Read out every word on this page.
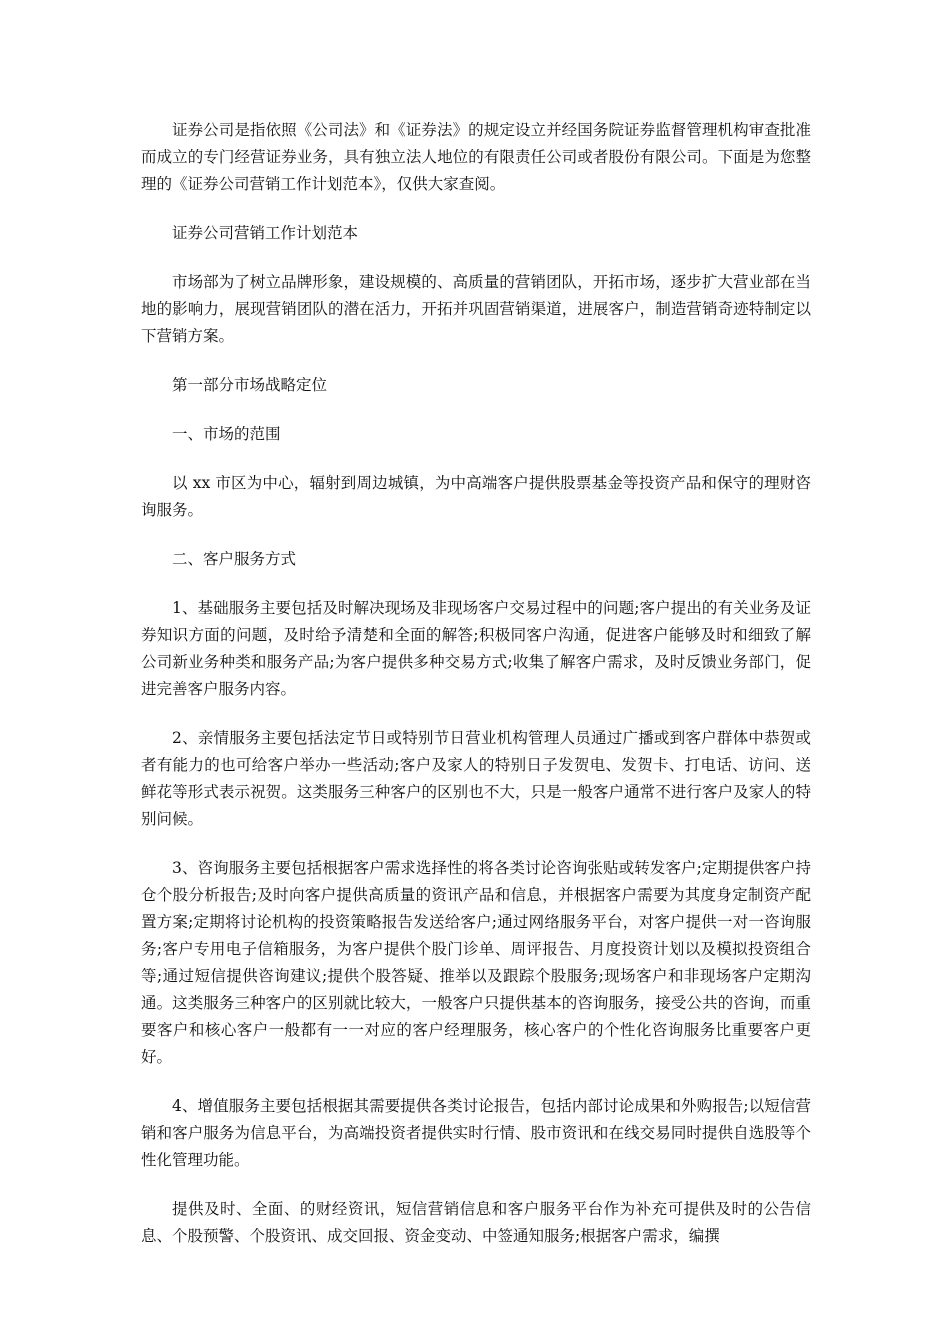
证券公司是指依照《公司法》和《证券法》的规定设立并经国务院证券监督管理机构审查批准而成立的专门经营证券业务，具有独立法人地位的有限责任公司或者股份有限公司。下面是为您整理的《证券公司营销工作计划范本》，仅供大家查阅。

证券公司营销工作计划范本

市场部为了树立品牌形象，建设规模的、高质量的营销团队，开拓市场，逐步扩大营业部在当地的影响力，展现营销团队的潜在活力，开拓并巩固营销渠道，进展客户，制造营销奇迹特制定以下营销方案。

第一部分市场战略定位

一、市场的范围

以 xx 市区为中心，辐射到周边城镇，为中高端客户提供股票基金等投资产品和保守的理财咨询服务。

二、客户服务方式

1、基础服务主要包括及时解决现场及非现场客户交易过程中的问题;客户提出的有关业务及证券知识方面的问题，及时给予清楚和全面的解答;积极同客户沟通，促进客户能够及时和细致了解公司新业务种类和服务产品;为客户提供多种交易方式;收集了解客户需求，及时反馈业务部门，促进完善客户服务内容。

2、亲情服务主要包括法定节日或特别节日营业机构管理人员通过广播或到客户群体中恭贺或者有能力的也可给客户举办一些活动;客户及家人的特别日子发贺电、发贺卡、打电话、访问、送鲜花等形式表示祝贺。这类服务三种客户的区别也不大，只是一般客户通常不进行客户及家人的特别问候。

3、咨询服务主要包括根据客户需求选择性的将各类讨论咨询张贴或转发客户;定期提供客户持仓个股分析报告;及时向客户提供高质量的资讯产品和信息，并根据客户需要为其度身定制资产配置方案;定期将讨论机构的投资策略报告发送给客户;通过网络服务平台，对客户提供一对一咨询服务;客户专用电子信箱服务，为客户提供个股门诊单、周评报告、月度投资计划以及模拟投资组合等;通过短信提供咨询建议;提供个股答疑、推举以及跟踪个股服务;现场客户和非现场客户定期沟通。这类服务三种客户的区别就比较大，一般客户只提供基本的咨询服务，接受公共的咨询，而重要客户和核心客户一般都有一一对应的客户经理服务，核心客户的个性化咨询服务比重要客户更好。

4、增值服务主要包括根据其需要提供各类讨论报告，包括内部讨论成果和外购报告;以短信营销和客户服务为信息平台，为高端投资者提供实时行情、股市资讯和在线交易同时提供自选股等个性化管理功能。

提供及时、全面、的财经资讯，短信营销信息和客户服务平台作为补充可提供及时的公告信息、个股预警、个股资讯、成交回报、资金变动、中签通知服务;根据客户需求，编撰
